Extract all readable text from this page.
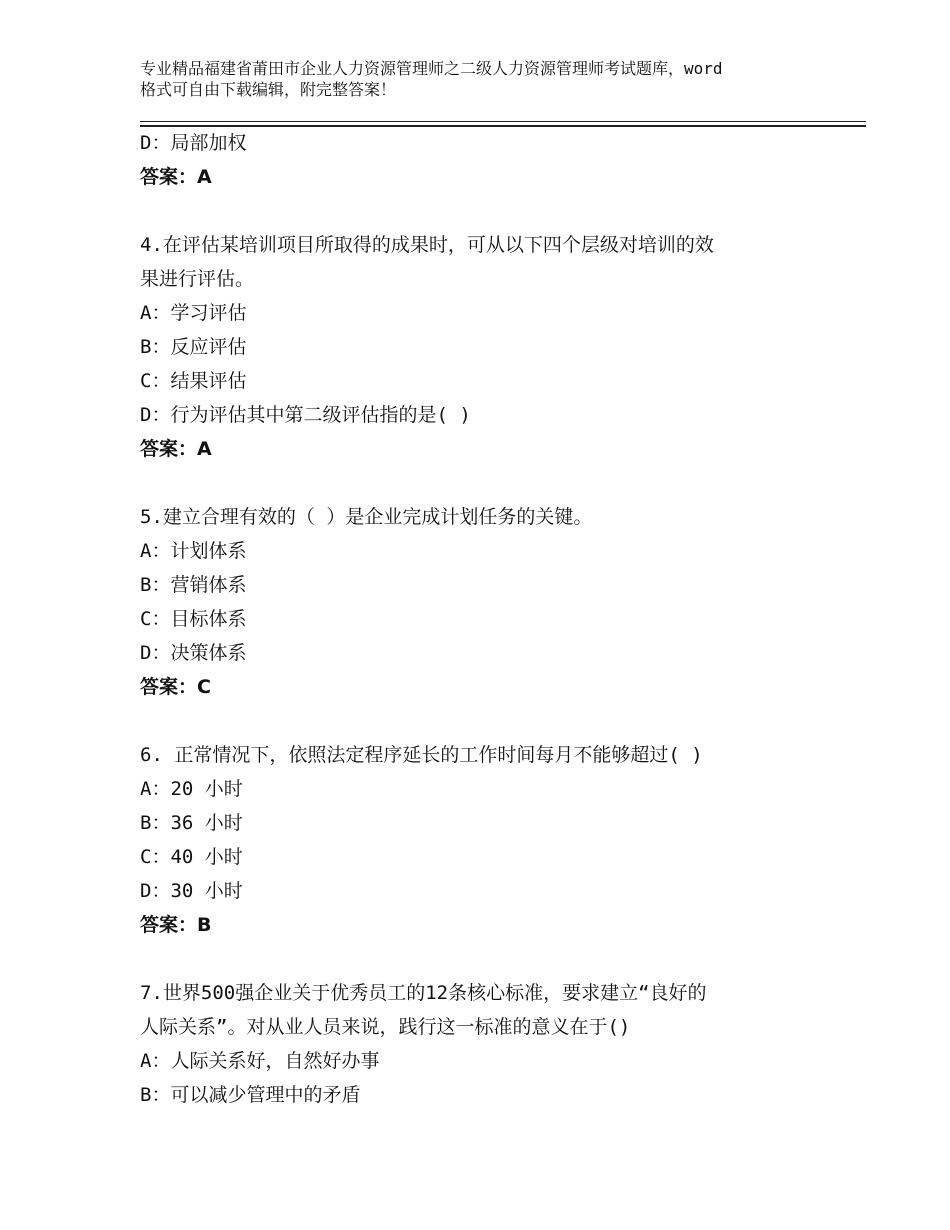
专业精品福建省莆田市企业人力资源管理师之二级人力资源管理师考试题库，word
格式可自由下载编辑，附完整答案！
D：局部加权
答案：A
4.在评估某培训项目所取得的成果时，可从以下四个层级对培训的效
果进行评估。
A：学习评估
B：反应评估
C：结果评估
D：行为评估其中第二级评估指的是( )
答案：A
5.建立合理有效的（ ）是企业完成计划任务的关键。
A：计划体系
B：营销体系
C：目标体系
D：决策体系
答案：C
6. 正常情况下，依照法定程序延长的工作时间每月不能够超过( )
A：20 小时
B：36 小时
C：40 小时
D：30 小时
答案：B
7.世界500强企业关于优秀员工的12条核心标准，要求建立“良好的
人际关系”。对从业人员来说，践行这一标准的意义在于()
A：人际关系好，自然好办事
B：可以减少管理中的矛盾
